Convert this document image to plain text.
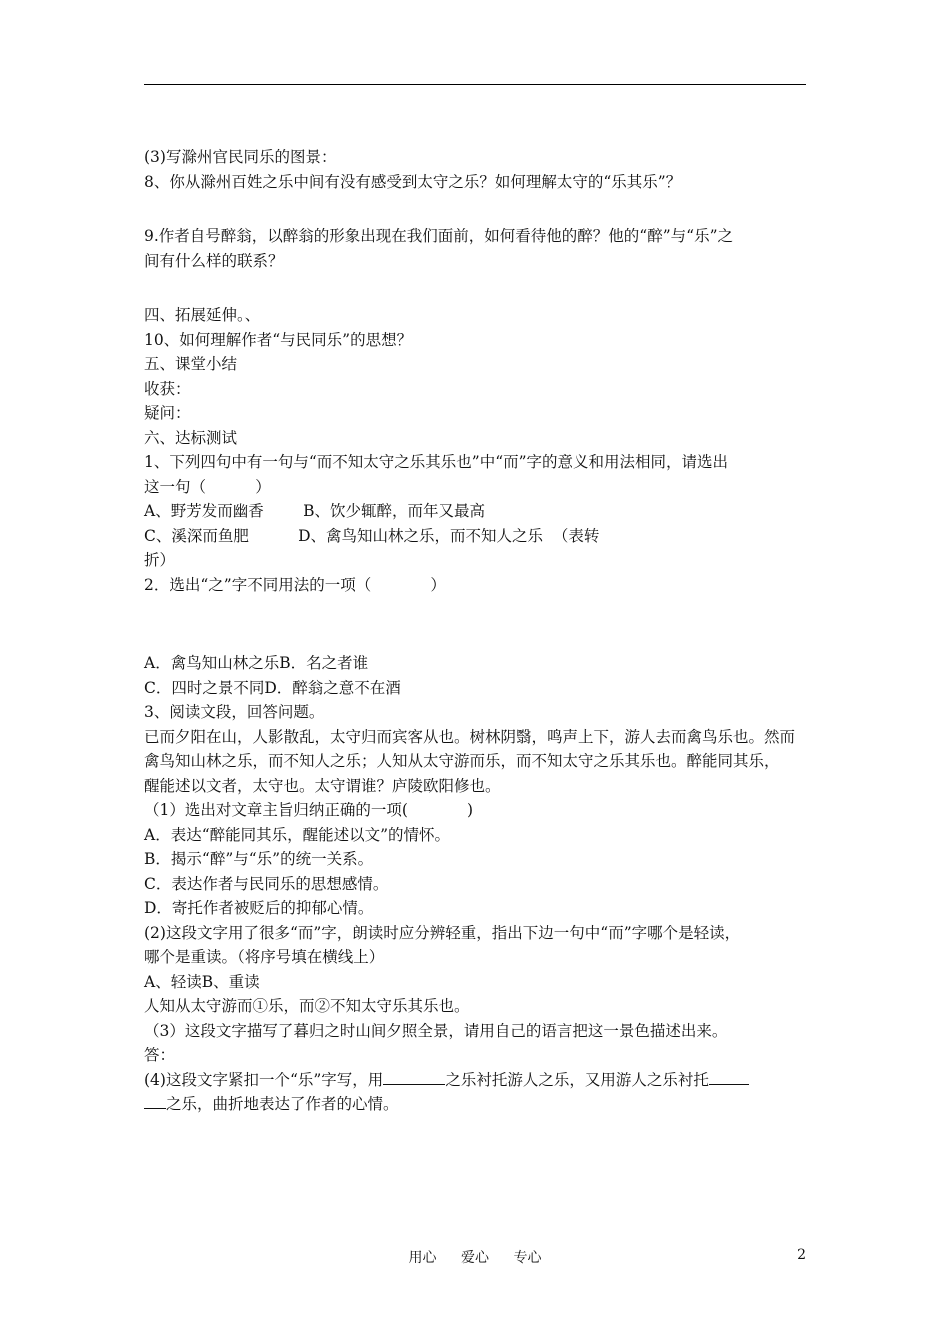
(3)写滁州官民同乐的图景：

8、你从滁州百姓之乐中间有没有感受到太守之乐？如何理解太守的“乐其乐”？

9.作者自号醉翁，以醉翁的形象出现在我们面前，如何看待他的醉？他的“醉”与“乐”之

间有什么样的联系？

四、拓展延伸。、

10、如何理解作者“与民同乐”的思想？

五、课堂小结

收获：

疑问：

六、达标测试

1、下列四句中有一句与“而不知太守之乐其乐也”中“而”字的意义和用法相同，请选出

这一句（          ）

A、野芳发而幽香        B、饮少辄醉，而年又最高

C、溪深而鱼肥          D、禽鸟知山林之乐，而不知人之乐  （表转

折）

2．选出“之”字不同用法的一项（            ）

A．禽鸟知山林之乐B．名之者谁

C．四时之景不同D．醉翁之意不在酒

3、阅读文段，回答问题。

已而夕阳在山，人影散乱，太守归而宾客从也。树林阴翳，鸣声上下，游人去而禽鸟乐也。然而

禽鸟知山林之乐，而不知人之乐；人知从太守游而乐，而不知太守之乐其乐也。醉能同其乐，

醒能述以文者，太守也。太守谓谁？庐陵欧阳修也。

（1）选出对文章主旨归纳正确的一项(            )

A．表达“醉能同其乐，醒能述以文”的情怀。

B．揭示“醉”与“乐”的统一关系。

C．表达作者与民同乐的思想感情。

D．寄托作者被贬后的抑郁心情。

(2)这段文字用了很多“而”字，朗读时应分辨轻重，指出下边一句中“而”字哪个是轻读，

哪个是重读。（将序号填在横线上）

A、轻读B、重读

人知从太守游而①乐，而②不知太守乐其乐也。

（3）这段文字描写了暮归之时山间夕照全景，请用自己的语言把这一景色描述出来。

答：

(4)这段文字紧扣一个“乐”字写，用	之乐衬托游人之乐，又用游人之乐衬托

之乐，曲折地表达了作者的心情。

用心 爱心 专心	2
